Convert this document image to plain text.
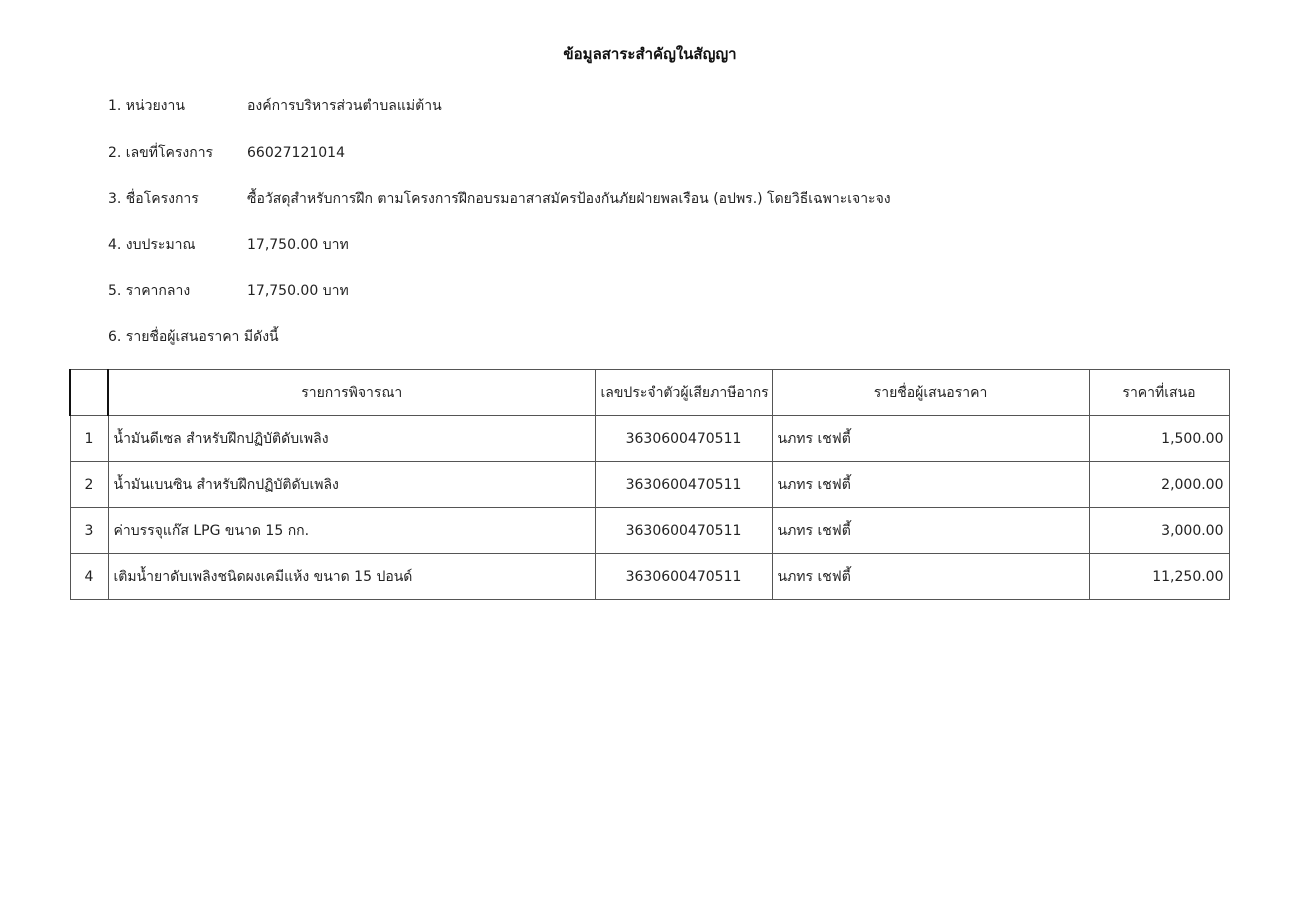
ข้อมูลสาระสำคัญในสัญญา
1. หน่วยงาน	องค์การบริหารส่วนตำบลแม่ต้าน
2. เลขที่โครงการ 66027121014
3. ชื่อโครงการ	ซื้อวัสดุสำหรับการฝึก ตามโครงการฝึกอบรมอาสาสมัครป้องกันภัยฝ่ายพลเรือน (อปพร.) โดยวิธีเฉพาะเจาะจง
4. งบประมาณ	17,750.00 บาท
5. ราคากลาง	17,750.00 บาท
6. รายชื่อผู้เสนอราคา มีดังนี้
	รายการพิจารณา	เลขประจำตัวผู้เสียภาษีอากร	รายชื่อผู้เสนอราคา	ราคาที่เสนอ
1	น้ำมันดีเซล สำหรับฝึกปฏิบัติดับเพลิง	3630600470511	นภทร เชฟตี้	1,500.00
2	น้ำมันเบนซิน สำหรับฝึกปฏิบัติดับเพลิง	3630600470511	นภทร เชฟตี้	2,000.00
3	ค่าบรรจุแก๊ส LPG ขนาด 15 กก.	3630600470511	นภทร เชฟตี้	3,000.00
4	เติมน้ำยาดับเพลิงชนิดผงเคมีแห้ง ขนาด 15 ปอนด์	3630600470511	นภทร เชฟตี้	11,250.00
